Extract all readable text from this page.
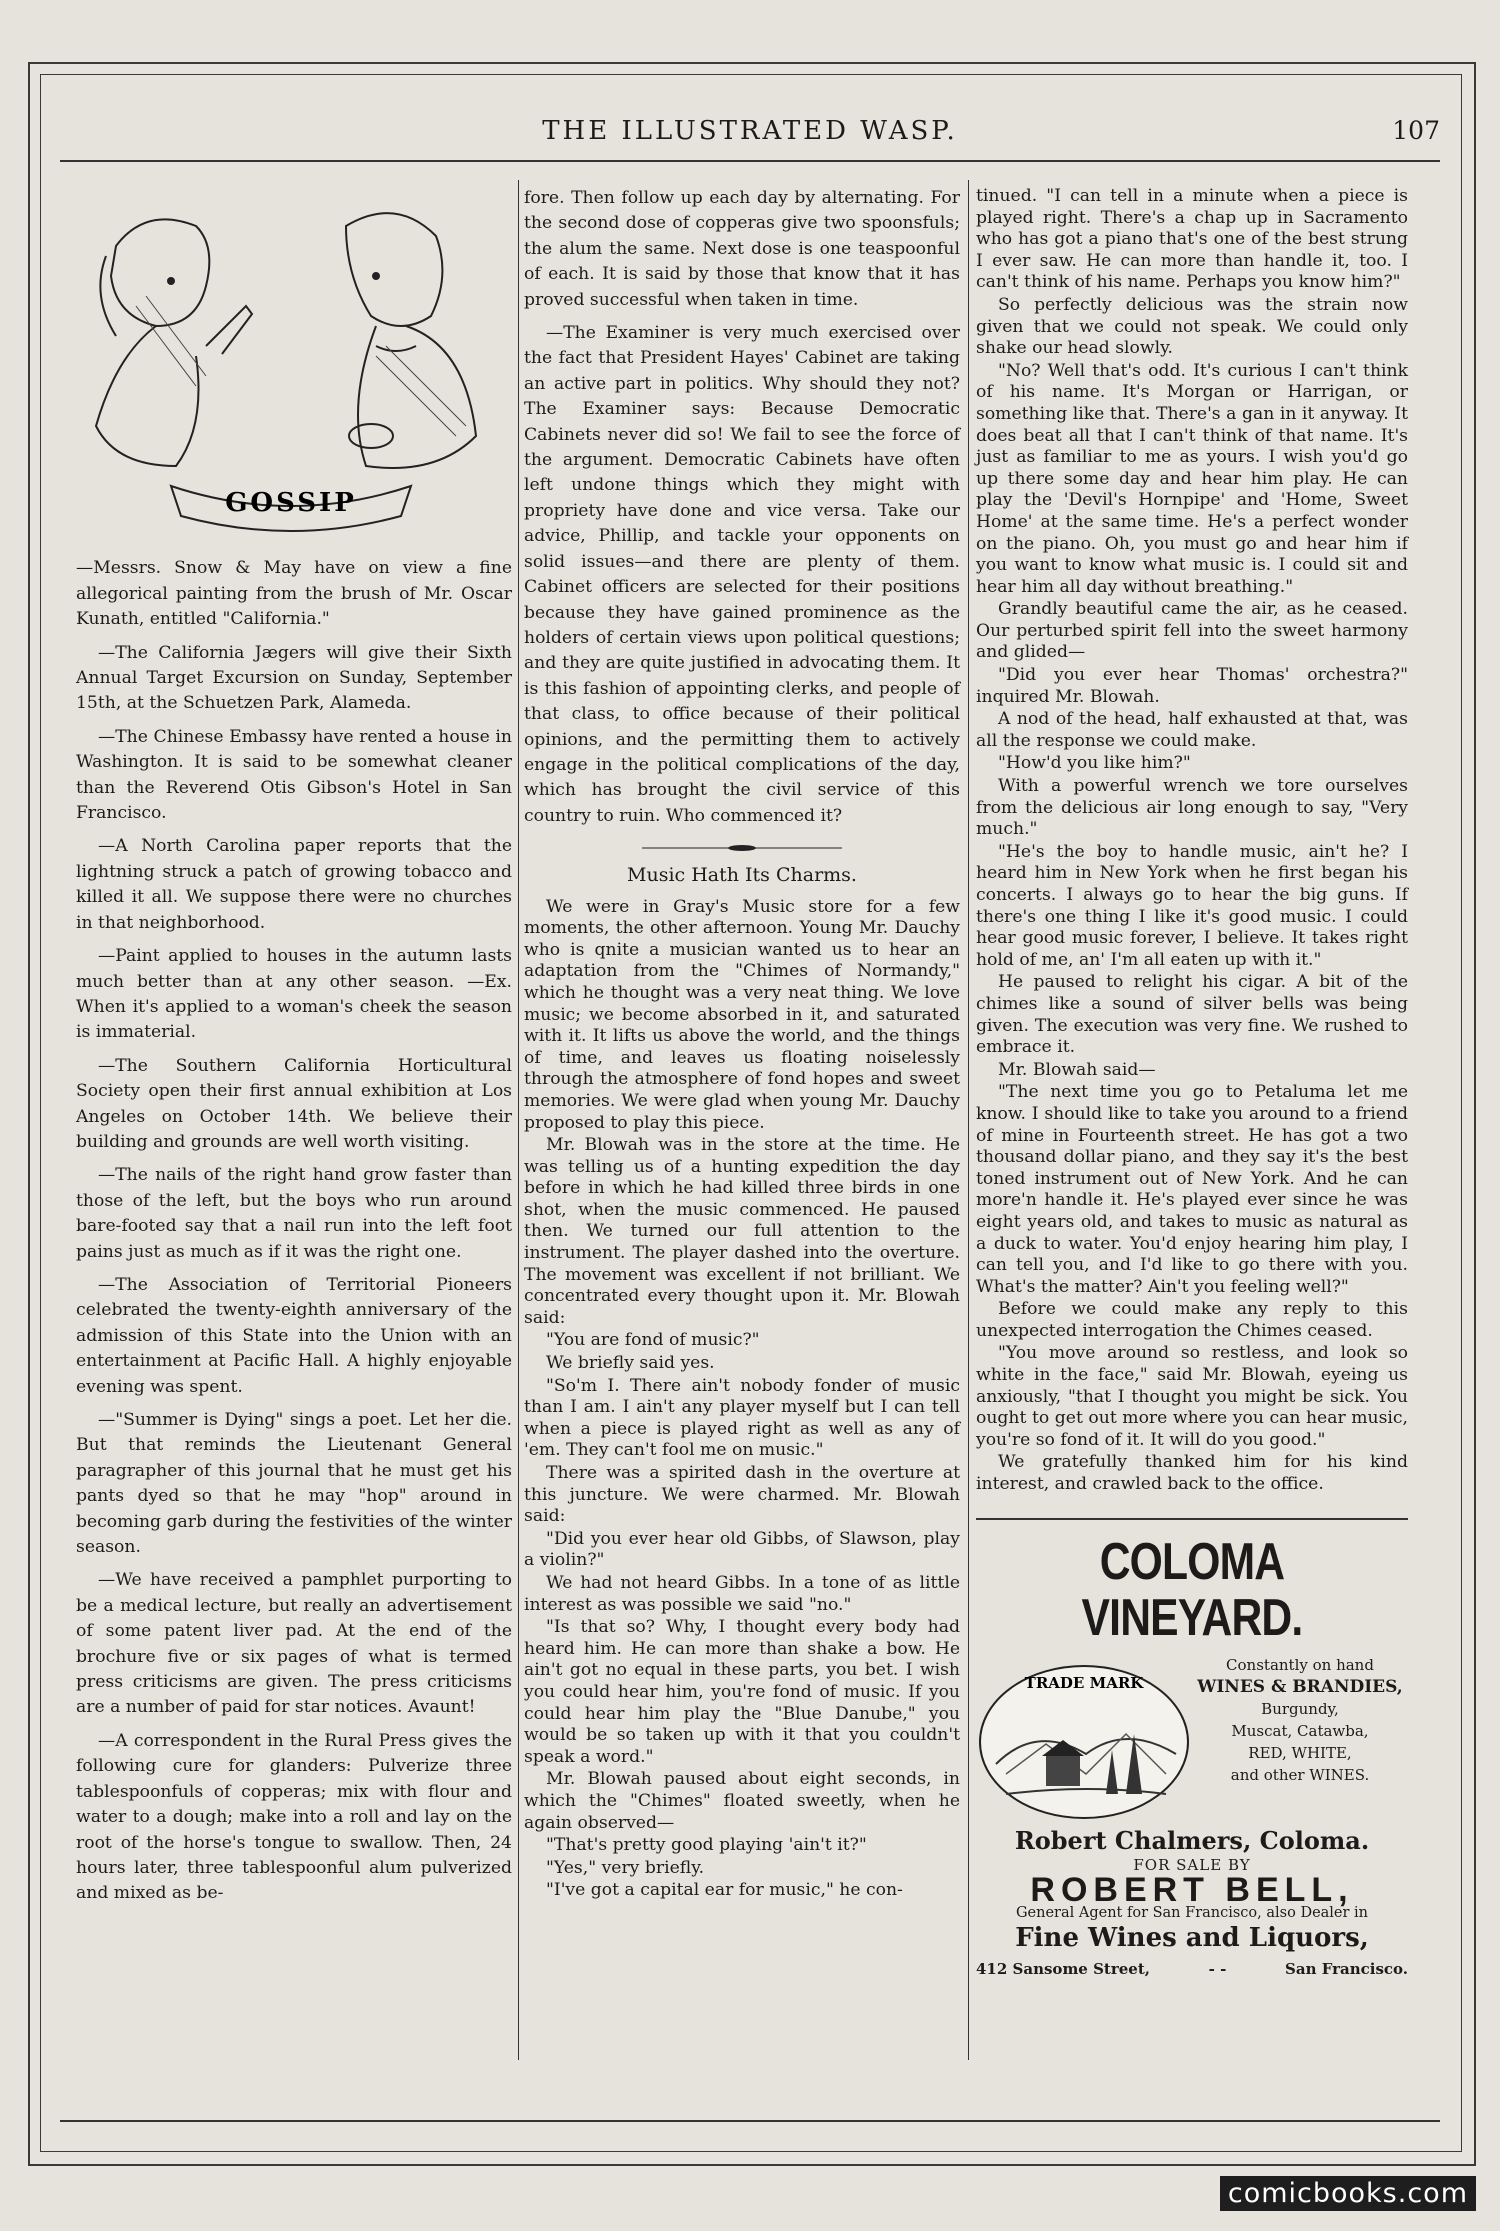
THE ILLUSTRATED WASP.	107
GOSSIP

—Messrs. Snow & May have on view a fine allegorical painting from the brush of Mr. Oscar Kunath, entitled "California."

—The California Jægers will give their Sixth Annual Target Excursion on Sunday, September 15th, at the Schuetzen Park, Alameda.

—The Chinese Embassy have rented a house in Washington. It is said to be somewhat cleaner than the Reverend Otis Gibson's Hotel in San Francisco.

—A North Carolina paper reports that the lightning struck a patch of growing tobacco and killed it all. We suppose there were no churches in that neighborhood.

—Paint applied to houses in the autumn lasts much better than at any other season. —Ex. When it's applied to a woman's cheek the season is immaterial.

—The Southern California Horticultural Society open their first annual exhibition at Los Angeles on October 14th. We believe their building and grounds are well worth visiting.

—The nails of the right hand grow faster than those of the left, but the boys who run around bare-footed say that a nail run into the left foot pains just as much as if it was the right one.

—The Association of Territorial Pioneers celebrated the twenty-eighth anniversary of the admission of this State into the Union with an entertainment at Pacific Hall. A highly enjoyable evening was spent.

—"Summer is Dying" sings a poet. Let her die. But that reminds the Lieutenant General paragrapher of this journal that he must get his pants dyed so that he may "hop" around in becoming garb during the festivities of the winter season.

—We have received a pamphlet purporting to be a medical lecture, but really an advertisement of some patent liver pad. At the end of the brochure five or six pages of what is termed press criticisms are given. The press criticisms are a number of paid for star notices. Avaunt!

—A correspondent in the Rural Press gives the following cure for glanders: Pulverize three tablespoonfuls of copperas; mix with flour and water to a dough; make into a roll and lay on the root of the horse's tongue to swallow. Then, 24 hours later, three tablespoonful alum pulverized and mixed as be-

fore. Then follow up each day by alternating. For the second dose of copperas give two spoonsfuls; the alum the same. Next dose is one teaspoonful of each. It is said by those that know that it has proved successful when taken in time.

—The Examiner is very much exercised over the fact that President Hayes' Cabinet are taking an active part in politics. Why should they not? The Examiner says: Because Democratic Cabinets never did so! We fail to see the force of the argument. Democratic Cabinets have often left undone things which they might with propriety have done and vice versa. Take our advice, Phillip, and tackle your opponents on solid issues—and there are plenty of them. Cabinet officers are selected for their positions because they have gained prominence as the holders of certain views upon political questions; and they are quite justified in advocating them. It is this fashion of appointing clerks, and people of that class, to office because of their political opinions, and the permitting them to actively engage in the political complications of the day, which has brought the civil service of this country to ruin. Who commenced it?

Music Hath Its Charms.

We were in Gray's Music store for a few moments, the other afternoon. Young Mr. Dauchy who is qnite a musician wanted us to hear an adaptation from the "Chimes of Normandy," which he thought was a very neat thing. We love music; we become absorbed in it, and saturated with it. It lifts us above the world, and the things of time, and leaves us floating noiselessly through the atmosphere of fond hopes and sweet memories. We were glad when young Mr. Dauchy proposed to play this piece.

Mr. Blowah was in the store at the time. He was telling us of a hunting expedition the day before in which he had killed three birds in one shot, when the music commenced. He paused then. We turned our full attention to the instrument. The player dashed into the overture. The movement was excellent if not brilliant. We concentrated every thought upon it. Mr. Blowah said:

"You are fond of music?"

We briefly said yes.

"So'm I. There ain't nobody fonder of music than I am. I ain't any player myself but I can tell when a piece is played right as well as any of 'em. They can't fool me on music."

There was a spirited dash in the overture at this juncture. We were charmed. Mr. Blowah said:

"Did you ever hear old Gibbs, of Slawson, play a violin?"

We had not heard Gibbs. In a tone of as little interest as was possible we said "no."

"Is that so? Why, I thought every body had heard him. He can more than shake a bow. He ain't got no equal in these parts, you bet. I wish you could hear him, you're fond of music. If you could hear him play the "Blue Danube," you would be so taken up with it that you couldn't speak a word."

Mr. Blowah paused about eight seconds, in which the "Chimes" floated sweetly, when he again observed—

"That's pretty good playing 'ain't it?"

"Yes," very briefly.

"I've got a capital ear for music," he con-

tinued. "I can tell in a minute when a piece is played right. There's a chap up in Sacramento who has got a piano that's one of the best strung I ever saw. He can more than handle it, too. I can't think of his name. Perhaps you know him?"

So perfectly delicious was the strain now given that we could not speak. We could only shake our head slowly.

"No? Well that's odd. It's curious I can't think of his name. It's Morgan or Harrigan, or something like that. There's a gan in it anyway. It does beat all that I can't think of that name. It's just as familiar to me as yours. I wish you'd go up there some day and hear him play. He can play the 'Devil's Hornpipe' and 'Home, Sweet Home' at the same time. He's a perfect wonder on the piano. Oh, you must go and hear him if you want to know what music is. I could sit and hear him all day without breathing."

Grandly beautiful came the air, as he ceased. Our perturbed spirit fell into the sweet harmony and glided—

"Did you ever hear Thomas' orchestra?" inquired Mr. Blowah.

A nod of the head, half exhausted at that, was all the response we could make.

"How'd you like him?"

With a powerful wrench we tore ourselves from the delicious air long enough to say, "Very much."

"He's the boy to handle music, ain't he? I heard him in New York when he first began his concerts. I always go to hear the big guns. If there's one thing I like it's good music. I could hear good music forever, I believe. It takes right hold of me, an' I'm all eaten up with it."

He paused to relight his cigar. A bit of the chimes like a sound of silver bells was being given. The execution was very fine. We rushed to embrace it.

Mr. Blowah said—

"The next time you go to Petaluma let me know. I should like to take you around to a friend of mine in Fourteenth street. He has got a two thousand dollar piano, and they say it's the best toned instrument out of New York. And he can more'n handle it. He's played ever since he was eight years old, and takes to music as natural as a duck to water. You'd enjoy hearing him play, I can tell you, and I'd like to go there with you. What's the matter? Ain't you feeling well?"

Before we could make any reply to this unexpected interrogation the Chimes ceased.

"You move around so restless, and look so white in the face," said Mr. Blowah, eyeing us anxiously, "that I thought you might be sick. You ought to get out more where you can hear music, you're so fond of it. It will do you good."

We gratefully thanked him for his kind interest, and crawled back to the office.

COLOMA VINEYARD.
TRADE MARK
Constantly on hand
WINES & BRANDIES,
Burgundy,
Muscat, Catawba,
RED, WHITE,
and other WINES.
Robert Chalmers, Coloma.
FOR SALE BY
ROBERT BELL,
General Agent for San Francisco, also Dealer in
Fine Wines and Liquors,
412 Sansome Street,	- -	San Francisco.
comicbooks.com
